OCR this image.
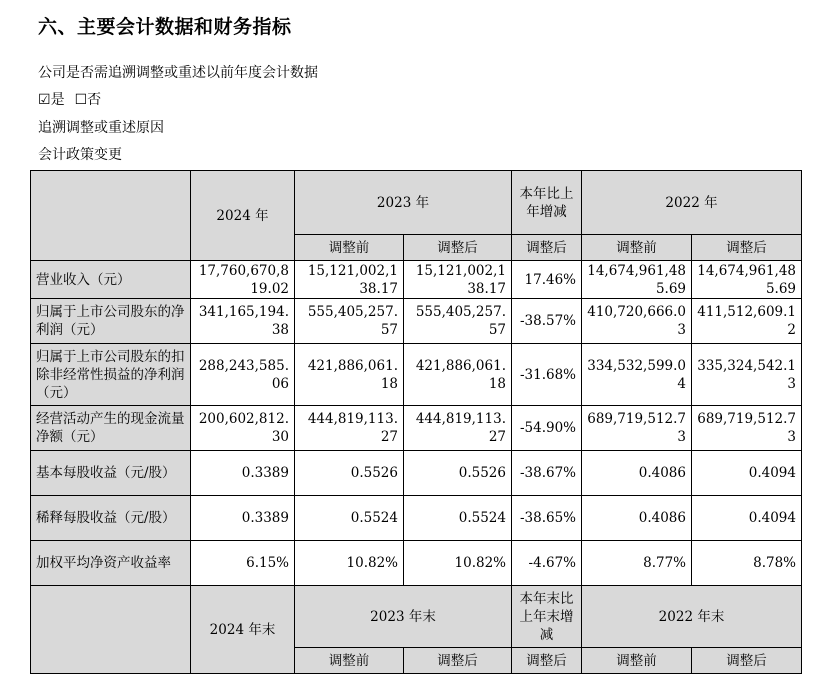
六、主要会计数据和财务指标
公司是否需追溯调整或重述以前年度会计数据
☑是 ☐否
追溯调整或重述原因
会计政策变更
	2024 年	2023 年		本年比上年增减	2022 年	
		调整前	调整后	调整后	调整前	调整后
营业收入（元）	17,760,670,819.02	15,121,002,138.17	15,121,002,138.17	17.46%	14,674,961,485.69	14,674,961,485.69
归属于上市公司股东的净利润（元）	341,165,194.38	555,405,257.57	555,405,257.57	-38.57%	410,720,666.03	411,512,609.12
归属于上市公司股东的扣除非经常性损益的净利润（元）	288,243,585.06	421,886,061.18	421,886,061.18	-31.68%	334,532,599.04	335,324,542.13
经营活动产生的现金流量净额（元）	200,602,812.30	444,819,113.27	444,819,113.27	-54.90%	689,719,512.73	689,719,512.73
基本每股收益（元/股）	0.3389	0.5526	0.5526	-38.67%	0.4086	0.4094
稀释每股收益（元/股）	0.3389	0.5524	0.5524	-38.65%	0.4086	0.4094
加权平均净资产收益率	6.15%	10.82%	10.82%	-4.67%	8.77%	8.78%
	2024 年末	2023 年末		本年末比上年末增减	2022 年末	
		调整前	调整后	调整后	调整前	调整后
